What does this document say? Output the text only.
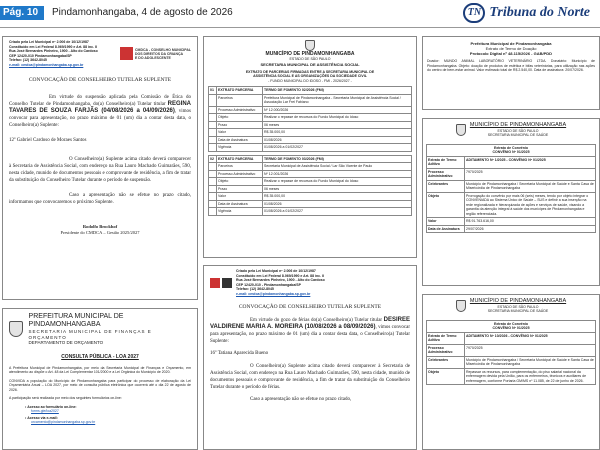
Pág. 10	Pindamonhangaba, 4 de agosto de 2026	TN Tribuna do Norte
Criado pela Lei Municipal nº 2.006 de 10/12/1987
Constituído em Lei Federal 8.069/1990 e Art. 88 inc. II
Rua José Bernardes Pinheiro, 1900 - Alto do Cardoso
CEP 12420-010 Pindamonhangaba/SP
Telefax: (12) 3642-8045
e-mail: cmdca@pindamonhangaba.sp.gov.br
CMDCA - CONSELHO MUNICIPAL
DOS DIREITOS DA CRIANÇA
E DO ADOLESCENTE
CONVOCAÇÃO DE CONSELHEIRO TUTELAR SUPLENTE
Em virtude do suspensão aplicada pela Comissão de Ética do Conselho Tutelar de Pindamonhangaba, do(a) Conselheiro(a) Tutelar titular REGINA TAVARES DE SOUZA FARJÃS (04/08/2026 a 04/09/2026), vimos convocar para apresentação, no prazo máximo de 01 (um) dia a contar desta data, o Conselheiro(a) Suplente:
12º Gabriel Cardoso de Moraes Santos
O Conselheiro(a) Suplente acima citado deverá comparecer à Secretaria de Assistência Social, com endereço na Rua Lauro Machado Guimarães, 590, nesta cidade, munido de documentos pessoais e comprovante de residência, a fim de tratar da substituição do Conselheiro Tutelar durante o período de suspensão.
Caso a apresentação não se efetue no prazo citado, informamos que convocaremos o próximo Suplente.
Rodolfo Brockhof
Presidente do CMDCA – Gestão 2025/2027
PREFEITURA MUNICIPAL DE PINDAMONHANGABA
SECRETARIA MUNICIPAL DE FINANÇAS E ORÇAMENTO
DEPARTAMENTO DE ORÇAMENTO
CONSULTA PÚBLICA - LOA 2027
A Prefeitura Municipal de Pindamonhangaba, por meio da Secretaria Municipal de Finanças e Orçamento, em atendimento ao dispõe o Art. 48 da Lei Complementar 101/2000 e a Lei Orgânica do Município de 2020.
CONVIDA a população do Município de Pindamonhangaba para participar do processo de elaboração da Lei Orçamentária Anual – LOA 2027, por meio de consulta pública eletrônica que ocorrerá até o dia 22 de agosto de 2026.
A participação será realizada por meio dos seguintes formulários on-line:
• Acesso ao formulário on-line:
forms.gle/loa2027
• Acesso via e-mail:
orcamento@pindamonhangaba.sp.gov.br
MUNICÍPIO DE PINDAMONHANGABA
ESTADO DE SÃO PAULO
SECRETARIA MUNICIPAL DE ASSISTÊNCIA SOCIAL
EXTRATO DE PARCERIAS FIRMADAS ENTRE A SECRETARIA MUNICIPAL DE
ASSISTÊNCIA SOCIAL E AS ORGANIZAÇÕES DA SOCIEDADE CIVIL
- FUNDO MUNICIPAL DO IDOSO - FMI - 2026/2027 -
01	EXTRATO PARCERIA	TERMO DE FOMENTO 02/2026 (FMI)
	Parceiros	Prefeitura Municipal de Pindamonhangaba - Secretaria Municipal de Assistência Social / Associação Lar Frei Fabiano
	Processo Administrativo	Nº 12.000/2026
	Objeto	Realizar o repasse de recursos do Fundo Municipal do Idoso
	Prazo	06 meses
	Valor	R$ 35.000,00
	Data de Assinatura	01/08/2026
	Vigência	01/08/2026 a 01/02/2027
02	EXTRATO PARCERIA	TERMO DE FOMENTO 03/2026 (FMI)
	Parceiros	Secretaria Municipal de Assistência Social / Lar São Vicente de Paulo
	Processo Administrativo	Nº 12.001/2026
	Objeto	Realizar o repasse de recursos do Fundo Municipal do Idoso
	Prazo	06 meses
	Valor	R$ 35.000,00
	Data de Assinatura	01/08/2026
	Vigência	01/08/2026 a 01/02/2027
Criado pela Lei Municipal nº 2.006 de 10/12/1987
Constituído em Lei Federal 8.069/1990 e Art. 88 inc. II
Rua José Bernardes Pinheiro, 1900 - Alto do Cardoso
CEP 12420-010 - Pindamonhangaba/SP
Telefax: (12) 3642-8045
e-mail: cmdca@pindamonhangaba.sp.gov.br
CONVOCAÇÃO DE CONSELHEIRO TUTELAR SUPLENTE
Em virtude do gozo de férias do(a) Conselheiro(a) Tutelar titular DESIREE VALDIRENE MARIA A. MOREIRA (10/08/2026 a 08/09/2026), vimos convocar para apresentação, no prazo máximo de 01 (um) dia a contar desta data, o Conselheiro(a) Tutelar Suplente:
16º Tatiana Aparecida Bueno
O Conselheiro(a) Suplente acima citado deverá comparecer à Secretaria de Assistência Social, com endereço na Rua Lauro Machado Guimarães, 590, nesta cidade, munido de documentos pessoais e comprovante de residência, a fim de tratar da substituição do Conselheiro Tutelar durante o período de férias.
Caso a apresentação não se efetue no prazo citado,
Prefeitura Municipal de Pindamonhangaba
Extrato de Termo de Doação
Protocolo Digital nº 48.115/2026 - GAB/PDD
Doador: MUNDO ANIMAL LABORATÓRIO VETERINÁRIO LTDA. Donatário: Município de Pindamonhangaba. Objeto: doação de produtos de estética e bifas veterinárias, para utilização nas ações do centro de bem-estar animal. Valor estimado total de R$ 2.540,00. Data de assinatura: 20/07/2026.
MUNICÍPIO DE PINDAMONHANGABA
ESTADO DE SÃO PAULO
SECRETARIA MUNICIPAL DE SAÚDE
Extrato de Convênio
CONVÊNIO Nº 01/2025	

Extrato de Termo Aditivo	ADITAMENTO Nº 1/2025 - CONVÊNIO Nº 01/2025
Processo Administrativo	7970/2025
Celebrantes	Município de Pindamonhangaba / Secretaria Municipal de Saúde e Santa Casa de Misericórdia de Pindamonhangaba
Objeto	Prorrogação do convênio por mais 06 (seis) meses, tendo por objeto integrar o CONVENIADA ao Sistema Único de Saúde – SUS e definir a sua inserção na rede regionalizada e hierarquizada de ações e serviços de saúde, visando a garantia da atenção integral à saúde dos munícipes de Pindamonhangaba e região referenciada.
Valor	R$ 91.763.616,00
Data de Assinatura	29/07/2026
MUNICÍPIO DE PINDAMONHANGABA
ESTADO DE SÃO PAULO
SECRETARIA MUNICIPAL DE SAÚDE
Extrato de Convênio
CONVÊNIO Nº 01/2025	

Extrato de Termo Aditivo	ADITAMENTO Nº 10/2026 - CONVÊNIO Nº 01/2025
Processo Administrativo	7970/2025
Celebrantes	Município de Pindamonhangaba / Secretaria Municipal de Saúde e Santa Casa de Misericórdia de Pindamonhangaba
Objeto	Repassar os recursos, para complementação, do piso salarial nacional da enfermagem devida pela União, para os enfermeiros, técnicos e auxiliares de enfermagem, conforme Portaria GM/MS nº 11.085, de 22 de junho de 2026.
